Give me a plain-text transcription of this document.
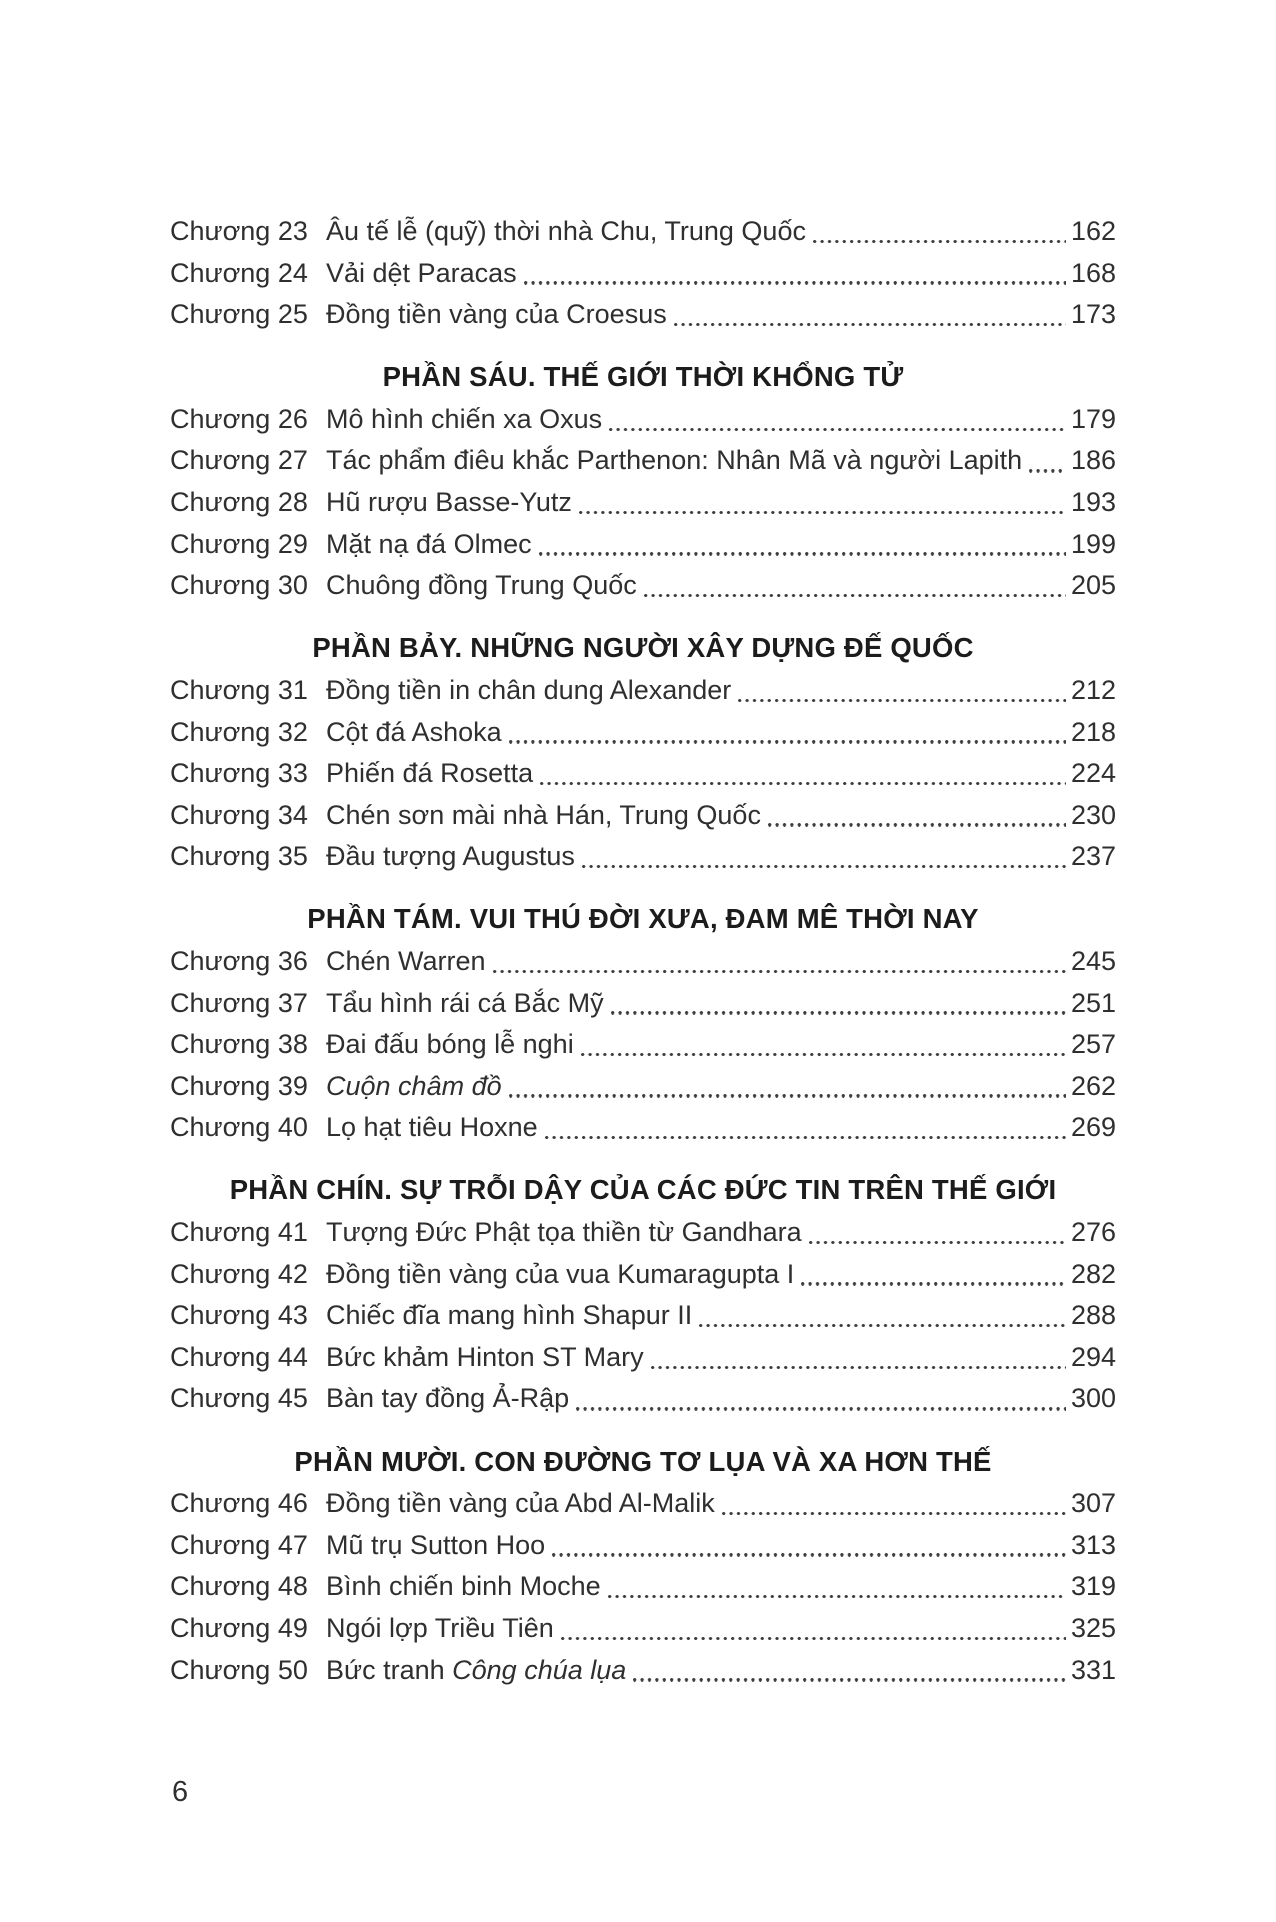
Chương 23 Âu tế lễ (quỹ) thời nhà Chu, Trung Quốc	162
Chương 24 Vải dệt Paracas	168
Chương 25 Đồng tiền vàng của Croesus	173
PHẦN SÁU. THẾ GIỚI THỜI KHỔNG TỬ
Chương 26 Mô hình chiến xa Oxus	179
Chương 27 Tác phẩm điêu khắc Parthenon: Nhân Mã và người Lapith 186
Chương 28 Hũ rượu Basse-Yutz	193
Chương 29 Mặt nạ đá Olmec	199
Chương 30 Chuông đồng Trung Quốc	205
PHẦN BẢY. NHỮNG NGƯỜI XÂY DỰNG ĐẾ QUỐC
Chương 31 Đồng tiền in chân dung Alexander	212
Chương 32 Cột đá Ashoka	218
Chương 33 Phiến đá Rosetta	224
Chương 34 Chén sơn mài nhà Hán, Trung Quốc	230
Chương 35 Đầu tượng Augustus	237
PHẦN TÁM. VUI THÚ ĐỜI XƯA, ĐAM MÊ THỜI NAY
Chương 36 Chén Warren	245
Chương 37 Tẩu hình rái cá Bắc Mỹ	251
Chương 38 Đai đấu bóng lễ nghi	257
Chương 39 Cuộn châm đồ	262
Chương 40 Lọ hạt tiêu Hoxne	269
PHẦN CHÍN. SỰ TRỖI DẬY CỦA CÁC ĐỨC TIN TRÊN THẾ GIỚI
Chương 41 Tượng Đức Phật tọa thiền từ Gandhara	276
Chương 42 Đồng tiền vàng của vua Kumaragupta I	282
Chương 43 Chiếc đĩa mang hình Shapur II	288
Chương 44 Bức khảm Hinton ST Mary	294
Chương 45 Bàn tay đồng Ả-Rập	300
PHẦN MƯỜI. CON ĐƯỜNG TƠ LỤA VÀ XA HƠN THẾ
Chương 46 Đồng tiền vàng của Abd Al-Malik	307
Chương 47 Mũ trụ Sutton Hoo	313
Chương 48 Bình chiến binh Moche	319
Chương 49 Ngói lợp Triều Tiên	325
Chương 50 Bức tranh Công chúa lụa	331
6
